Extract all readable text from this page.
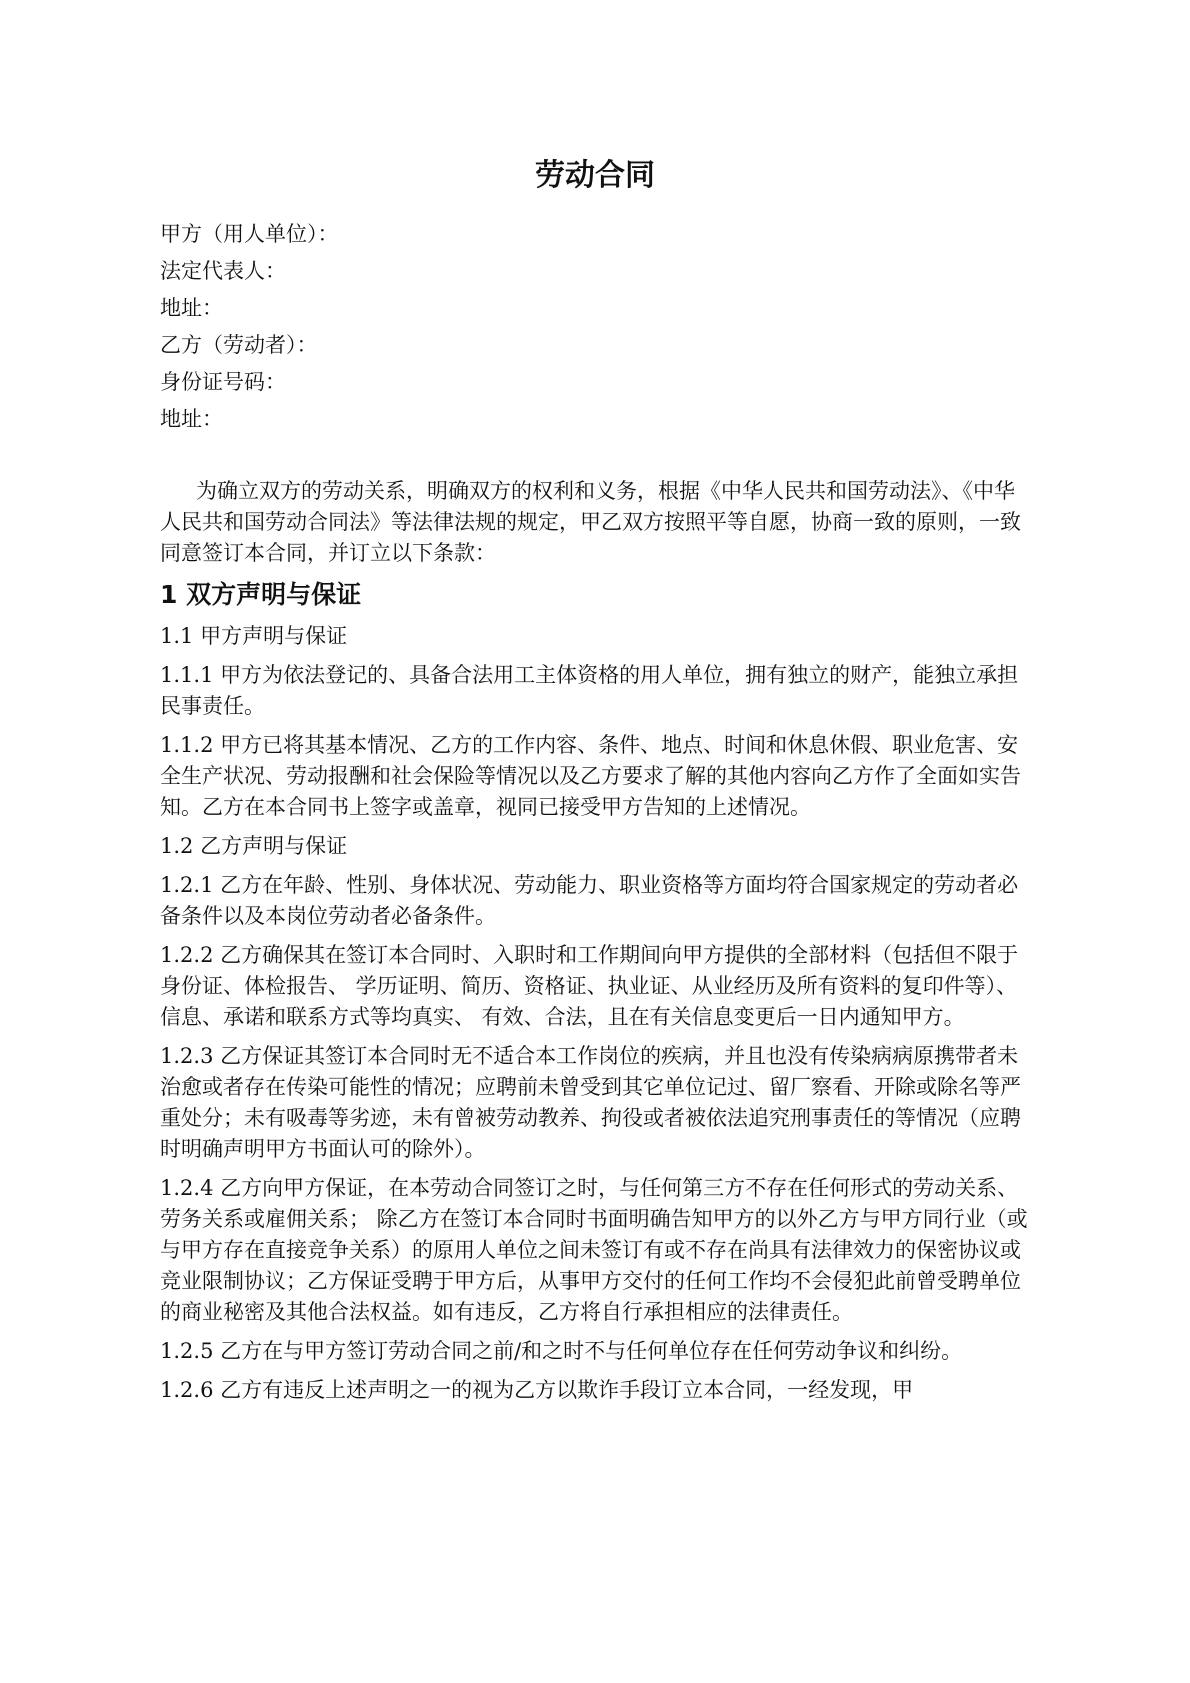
劳动合同
甲方（用人单位）：
法定代表人：
地址：
乙方（劳动者）：
身份证号码：
地址：

为确立双方的劳动关系，明确双方的权利和义务，根据《中华人民共和国劳动法》、《中华人民共和国劳动合同法》等法律法规的规定，甲乙双方按照平等自愿，协商一致的原则，一致同意签订本合同，并订立以下条款：

1 双方声明与保证
1.1 甲方声明与保证

1.1.1 甲方为依法登记的、具备合法用工主体资格的用人单位，拥有独立的财产，能独立承担民事责任。

1.1.2 甲方已将其基本情况、乙方的工作内容、条件、地点、时间和休息休假、职业危害、安全生产状况、劳动报酬和社会保险等情况以及乙方要求了解的其他内容向乙方作了全面如实告知。乙方在本合同书上签字或盖章，视同已接受甲方告知的上述情况。

1.2 乙方声明与保证

1.2.1 乙方在年龄、性别、身体状况、劳动能力、职业资格等方面均符合国家规定的劳动者必备条件以及本岗位劳动者必备条件。

1.2.2 乙方确保其在签订本合同时、入职时和工作期间向甲方提供的全部材料（包括但不限于身份证、体检报告、 学历证明、简历、资格证、执业证、从业经历及所有资料的复印件等）、信息、承诺和联系方式等均真实、 有效、合法，且在有关信息变更后一日内通知甲方。

1.2.3 乙方保证其签订本合同时无不适合本工作岗位的疾病，并且也没有传染病病原携带者未治愈或者存在传染可能性的情况；应聘前未曾受到其它单位记过、留厂察看、开除或除名等严重处分；未有吸毒等劣迹，未有曾被劳动教养、拘役或者被依法追究刑事责任的等情况（应聘时明确声明甲方书面认可的除外）。

1.2.4 乙方向甲方保证，在本劳动合同签订之时，与任何第三方不存在任何形式的劳动关系、劳务关系或雇佣关系； 除乙方在签订本合同时书面明确告知甲方的以外乙方与甲方同行业（或与甲方存在直接竞争关系）的原用人单位之间未签订有或不存在尚具有法律效力的保密协议或竞业限制协议；乙方保证受聘于甲方后，从事甲方交付的任何工作均不会侵犯此前曾受聘单位的商业秘密及其他合法权益。如有违反，乙方将自行承担相应的法律责任。

1.2.5 乙方在与甲方签订劳动合同之前/和之时不与任何单位存在任何劳动争议和纠纷。

1.2.6 乙方有违反上述声明之一的视为乙方以欺诈手段订立本合同，一经发现，甲
